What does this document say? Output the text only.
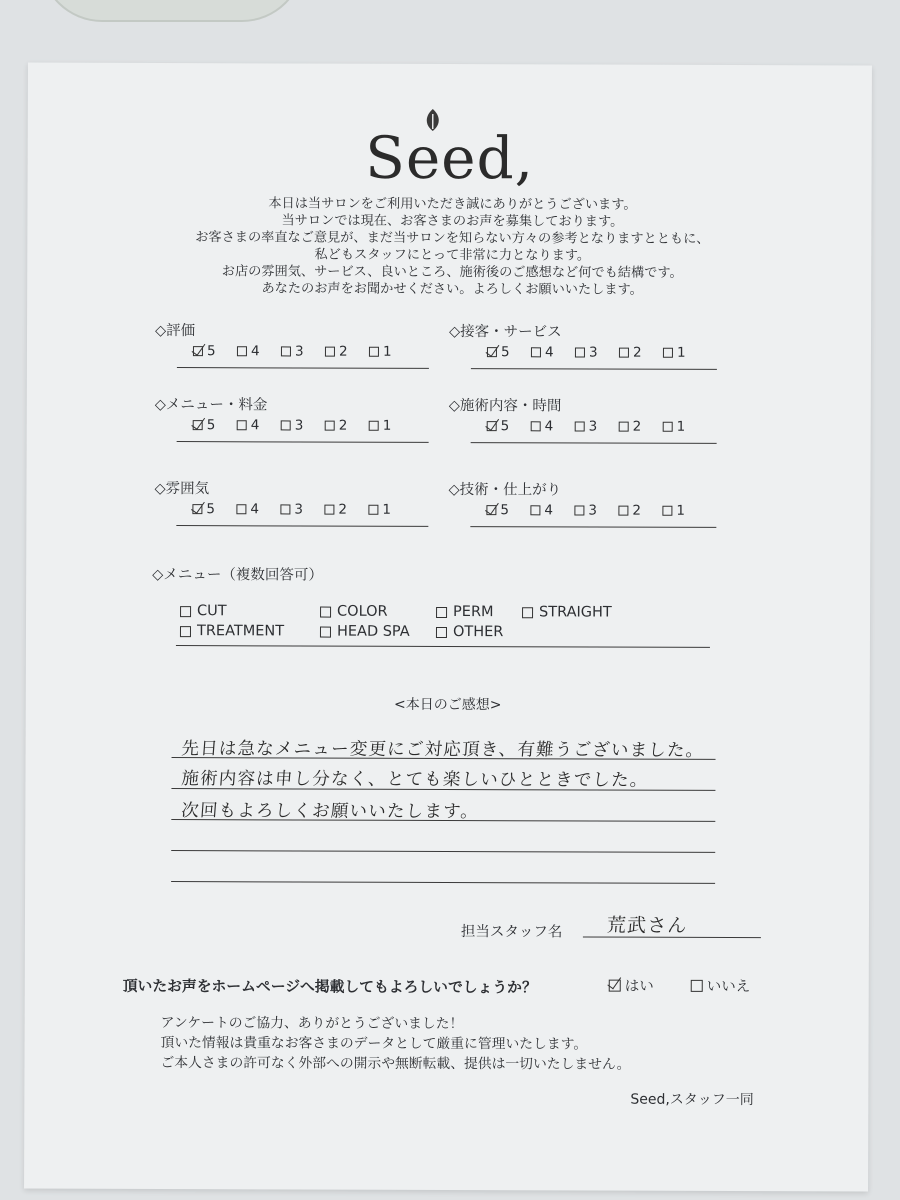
Seed,
本日は当サロンをご利用いただき誠にありがとうございます。
当サロンでは現在、お客さまのお声を募集しております。
お客さまの率直なご意見が、まだ当サロンを知らない方々の参考となりますとともに、
私どもスタッフにとって非常に力となります。
お店の雰囲気、サービス、良いところ、施術後のご感想など何でも結構です。
あなたのお声をお聞かせください。よろしくお願いいたします。
◇評価
5	4	3	2	1
◇接客・サービス
5	4	3	2	1
◇メニュー・料金
5	4	3	2	1
◇施術内容・時間
5	4	3	2	1
◇雰囲気
5	4	3	2	1
◇技術・仕上がり
5	4	3	2	1
◇メニュー（複数回答可）
CUT	COLOR	PERM	STRAIGHT
TREATMENT	HEAD SPA	OTHER
<本日のご感想>
先日は急なメニュー変更にご対応頂き、有難うございました。
施術内容は申し分なく、とても楽しいひとときでした。
次回もよろしくお願いいたします。
担当スタッフ名 荒武さん
頂いたお声をホームページへ掲載してもよろしいでしょうか？	はい	いいえ
アンケートのご協力、ありがとうございました！
頂いた情報は貴重なお客さまのデータとして厳重に管理いたします。
ご本人さまの許可なく外部への開示や無断転載、提供は一切いたしません。
Seed,スタッフ一同
